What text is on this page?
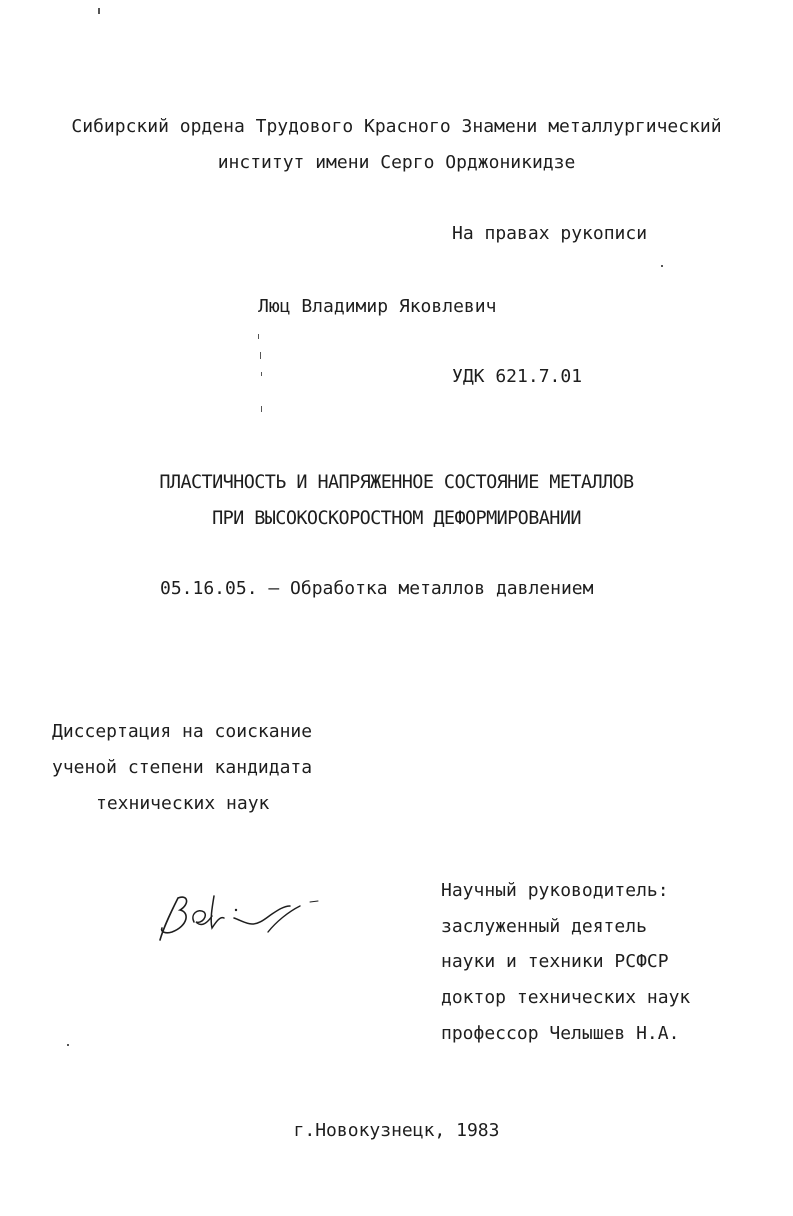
Сибирский ордена Трудового Красного Знамени металлургический
институт имени Серго Орджоникидзе
На правах рукописи
Люц Владимир Яковлевич
УДК 621.7.01
ПЛАСТИЧНОСТЬ И НАПРЯЖЕННОЕ СОСТОЯНИЕ МЕТАЛЛОВ
ПРИ ВЫСОКОСКОРОСТНОМ ДЕФОРМИРОВАНИИ
05.16.05. – Обработка металлов давлением
Диссертация на соискание
ученой степени кандидата
технических наук
Научный руководитель:
заслуженный деятель
науки и техники РСФСР
доктор технических наук
профессор Челышев Н.А.
г.Новокузнецк, 1983
